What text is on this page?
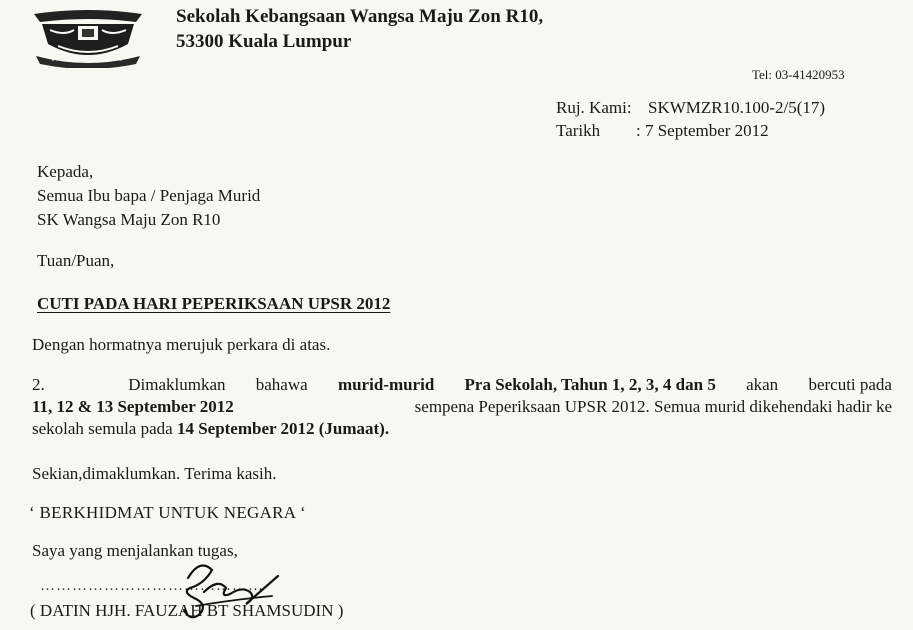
Sekolah Kebangsaan Wangsa Maju Zon R10,
53300 Kuala Lumpur
Tel: 03-41420953
Ruj. Kami: SKWMZR10.100-2/5(17)
Tarikh : 7 September 2012
Kepada,
Semua Ibu bapa / Penjaga Murid
SK Wangsa Maju Zon R10
Tuan/Puan,
CUTI PADA HARI PEPERIKSAAN UPSR 2012
Dengan hormatnya merujuk perkara di atas.
2.	Dimaklumkan bahawa murid-murid Pra Sekolah, Tahun 1, 2, 3, 4 dan 5 akan bercuti pada
11, 12 & 13 September 2012	sempena Peperiksaan UPSR 2012. Semua murid dikehendaki hadir ke
sekolah semula pada
14 September 2012 (Jumaat).
Sekian,dimaklumkan. Terima kasih.
‘ BERKHIDMAT UNTUK NEGARA ‘
Saya yang menjalankan tugas,
……………………………………
( DATIN HJH. FAUZAH BT SHAMSUDIN )
